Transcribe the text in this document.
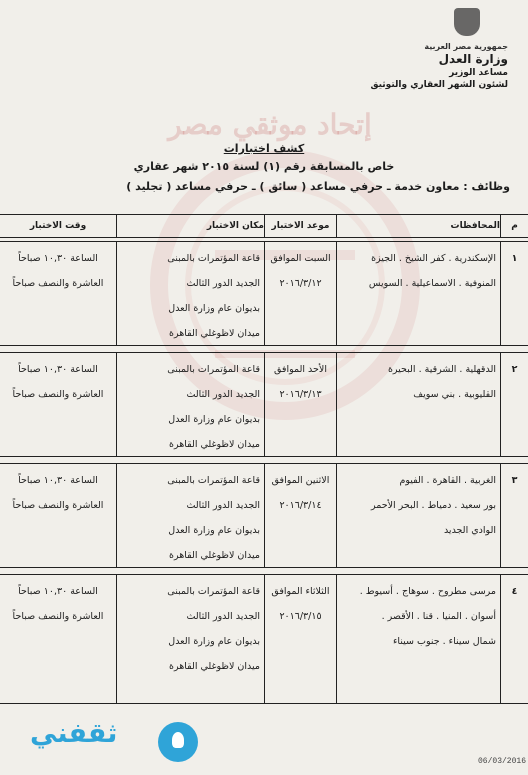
إتحاد موثقي مصر
جمهورية مصر العربية
وزارة العدل
مساعد الوزير
لشئون الشهر العقاري والتوثيق
كشف اختبارات
خاص بالمسابقة رقم (١) لسنة ٢٠١٥ شهر عقاري
وظائف : معاون خدمة ـ حرفي مساعد ( سائق ) ـ حرفي مساعد ( تجليد )
م
المحافظات
موعد الاختبار
مكان الاختبار
وقت الاختبار
١
الإسكندرية . كفر الشيخ . الجيزة
المنوفية . الاسماعيلية . السويس
السبت الموافق
٢٠١٦/٣/١٢
قاعة المؤتمرات بالمبنى
الجديد الدور الثالث
بديوان عام وزارة العدل
ميدان لاظوغلي القاهرة
الساعة ١٠,٣٠ صباحاً
العاشرة والنصف صباحاً
٢
الدقهلية . الشرقية . البحيرة
القليوبية . بني سويف
الأحد الموافق
٢٠١٦/٣/١٣
قاعة المؤتمرات بالمبنى
الجديد الدور الثالث
بديوان عام وزارة العدل
ميدان لاظوغلي القاهرة
الساعة ١٠,٣٠ صباحاً
العاشرة والنصف صباحاً
٣
الغربية . القاهرة . الفيوم
بور سعيد . دمياط . البحر الأحمر
الوادي الجديد
الاثنين الموافق
٢٠١٦/٣/١٤
قاعة المؤتمرات بالمبنى
الجديد الدور الثالث
بديوان عام وزارة العدل
ميدان لاظوغلي القاهرة
الساعة ١٠,٣٠ صباحاً
العاشرة والنصف صباحاً
٤
مرسى مطروح . سوهاج . أسيوط .
أسوان . المنيا . قنا . الأقصر .
شمال سيناء . جنوب سيناء
الثلاثاء الموافق
٢٠١٦/٣/١٥
قاعة المؤتمرات بالمبنى
الجديد الدور الثالث
بديوان عام وزارة العدل
ميدان لاظوغلي القاهرة
الساعة ١٠,٣٠ صباحاً
العاشرة والنصف صباحاً
ثقفني
06/03/2016
